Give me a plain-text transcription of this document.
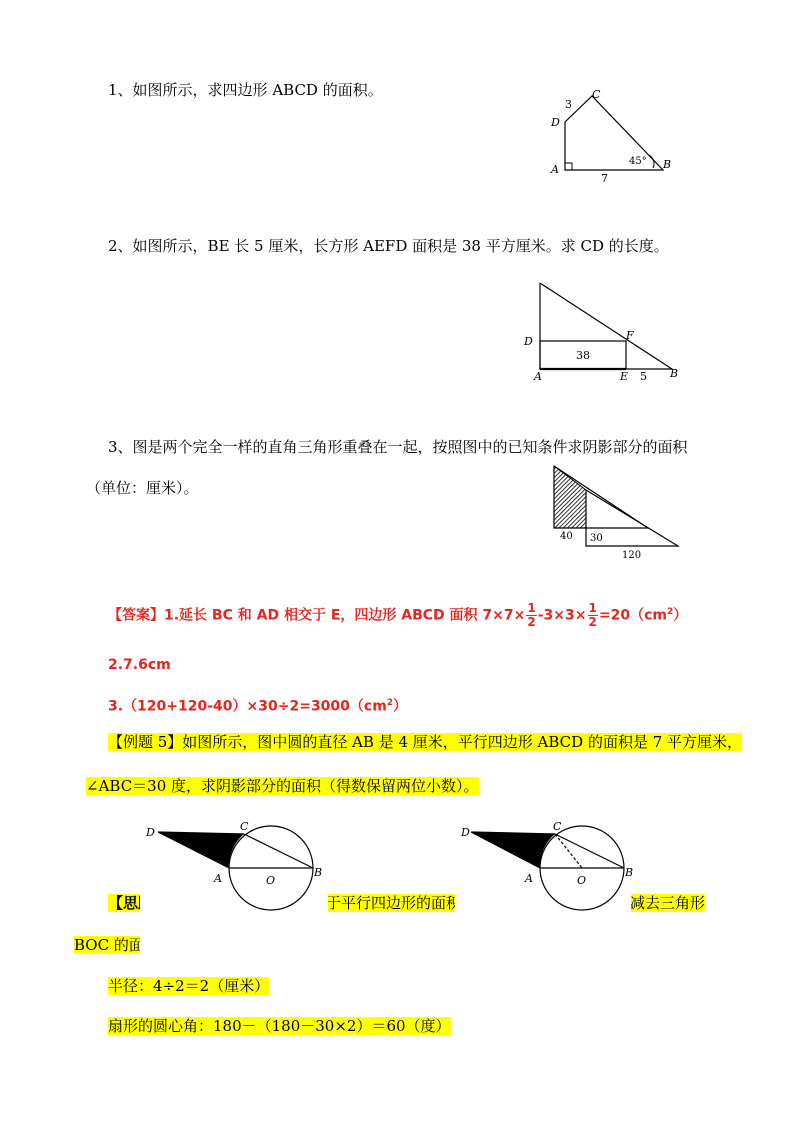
1、如图所示，求四边形 ABCD 的面积。
A	B
C
D
3
7
45°
2、如图所示，BE 长 5 厘米，长方形 AEFD 面积是 38 平方厘米。求 CD 的长度。
D
A	E
F
B
38
5
3、图是两个完全一样的直角三角形重叠在一起，按照图中的已知条件求阴影部分的面积
（单位：厘米）。
40 30
120
【答案】1.延长 BC 和 AD 相交于 E，四边形 ABCD 面积 $7\times 7\times \frac{1}{2} -3\times 3\times \frac{1}{2} =20(cm^2)$
2.7.6cm
$3.(120+120-40)\times 30\div 2=3000(cm^2)$
【例题 5】如图所示，图中圆的直径 AB 是 4 厘米，平行四边形 ABCD 的面积是 7 平方厘米，
∠ABC＝30 度，求阴影部分的面积（得数保留两位小数）。
【思路	于平行四边形的面积	减去三角形
BOC 的面积。
D	C
A	O
B
D	C
A	O
B
半径：4÷2＝2（厘米）
扇形的圆心角：180－（180－30×2）＝60（度）
